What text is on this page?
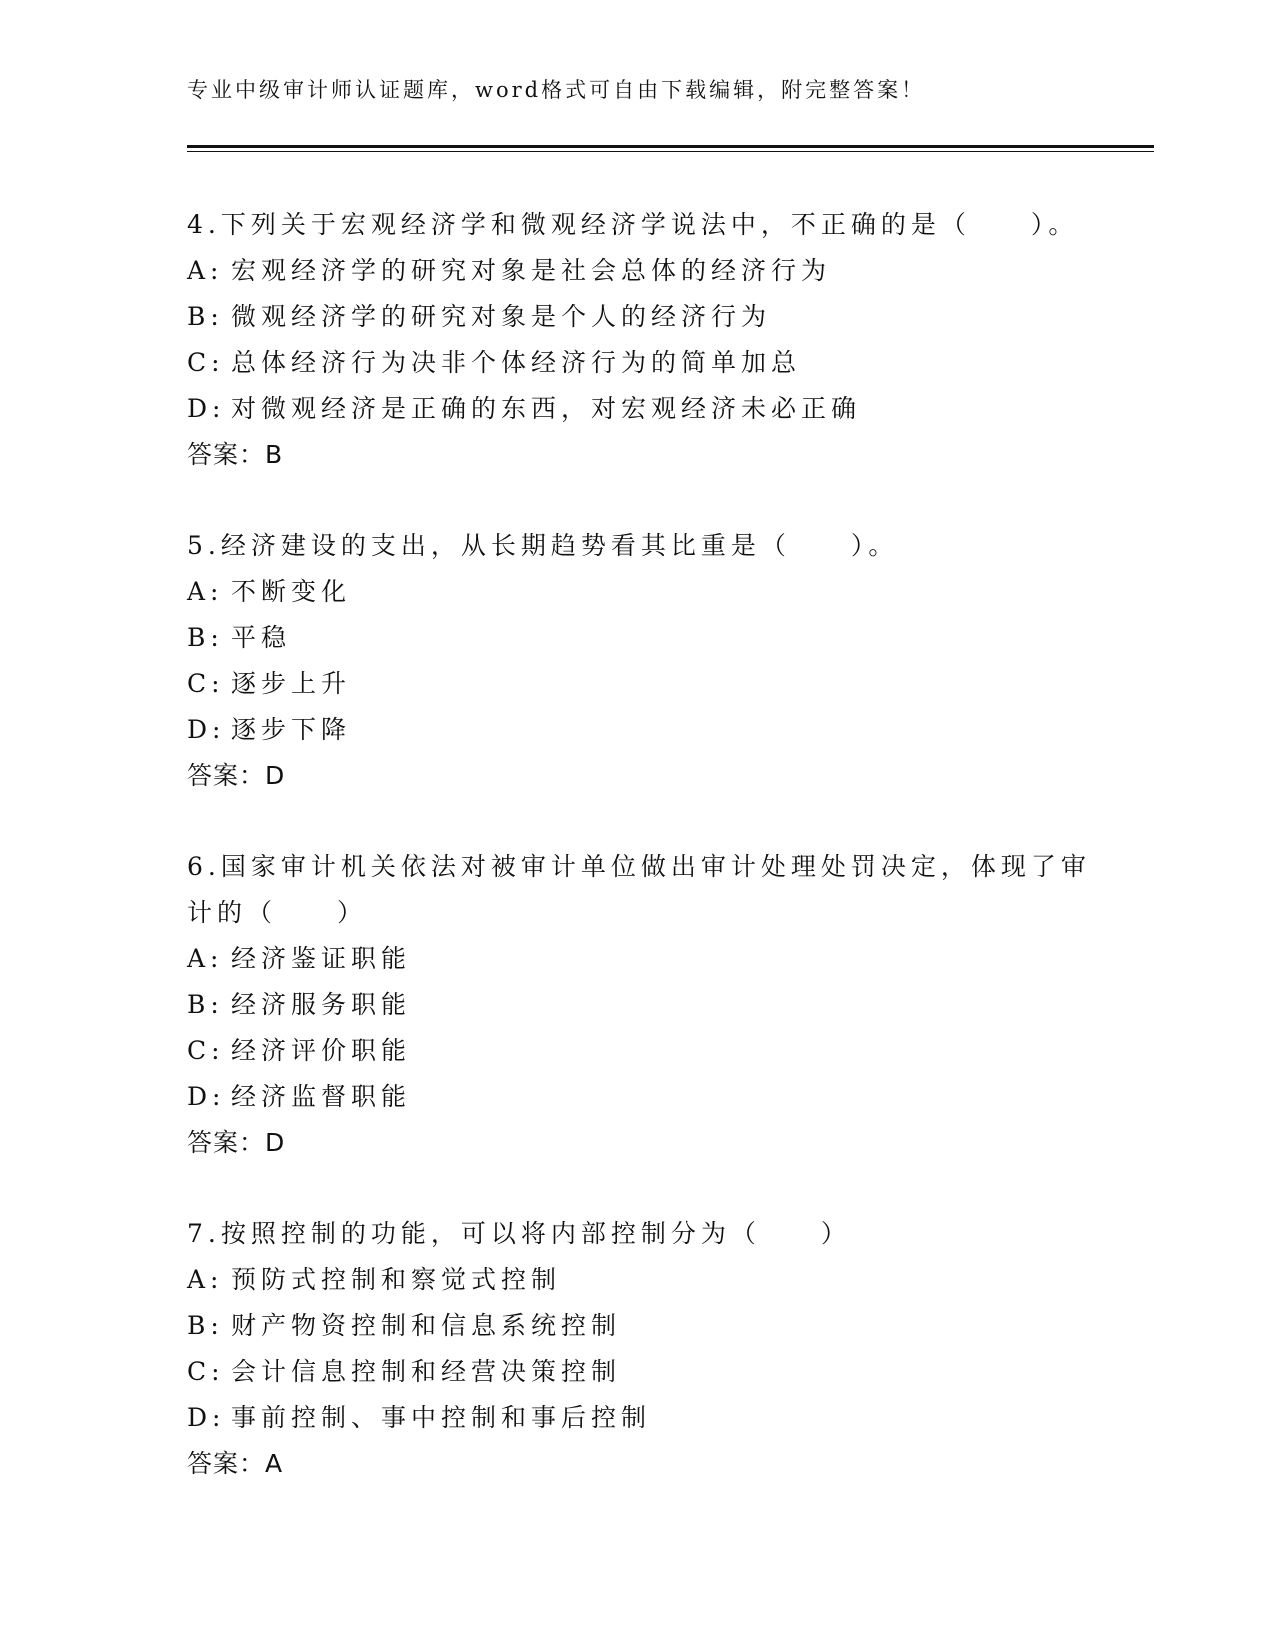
专业中级审计师认证题库，word格式可自由下载编辑，附完整答案！
4.下列关于宏观经济学和微观经济学说法中，不正确的是（　　）。
A: 宏观经济学的研究对象是社会总体的经济行为
B: 微观经济学的研究对象是个人的经济行为
C: 总体经济行为决非个体经济行为的简单加总
D: 对微观经济是正确的东西，对宏观经济未必正确
答案：B
5.经济建设的支出，从长期趋势看其比重是（　　）。
A: 不断变化
B: 平稳
C: 逐步上升
D: 逐步下降
答案：D
6.国家审计机关依法对被审计单位做出审计处理处罚决定，体现了审
计的（　　）
A: 经济鉴证职能
B: 经济服务职能
C: 经济评价职能
D: 经济监督职能
答案：D
7.按照控制的功能，可以将内部控制分为（　　）
A: 预防式控制和察觉式控制
B: 财产物资控制和信息系统控制
C: 会计信息控制和经营决策控制
D: 事前控制、事中控制和事后控制
答案：A
